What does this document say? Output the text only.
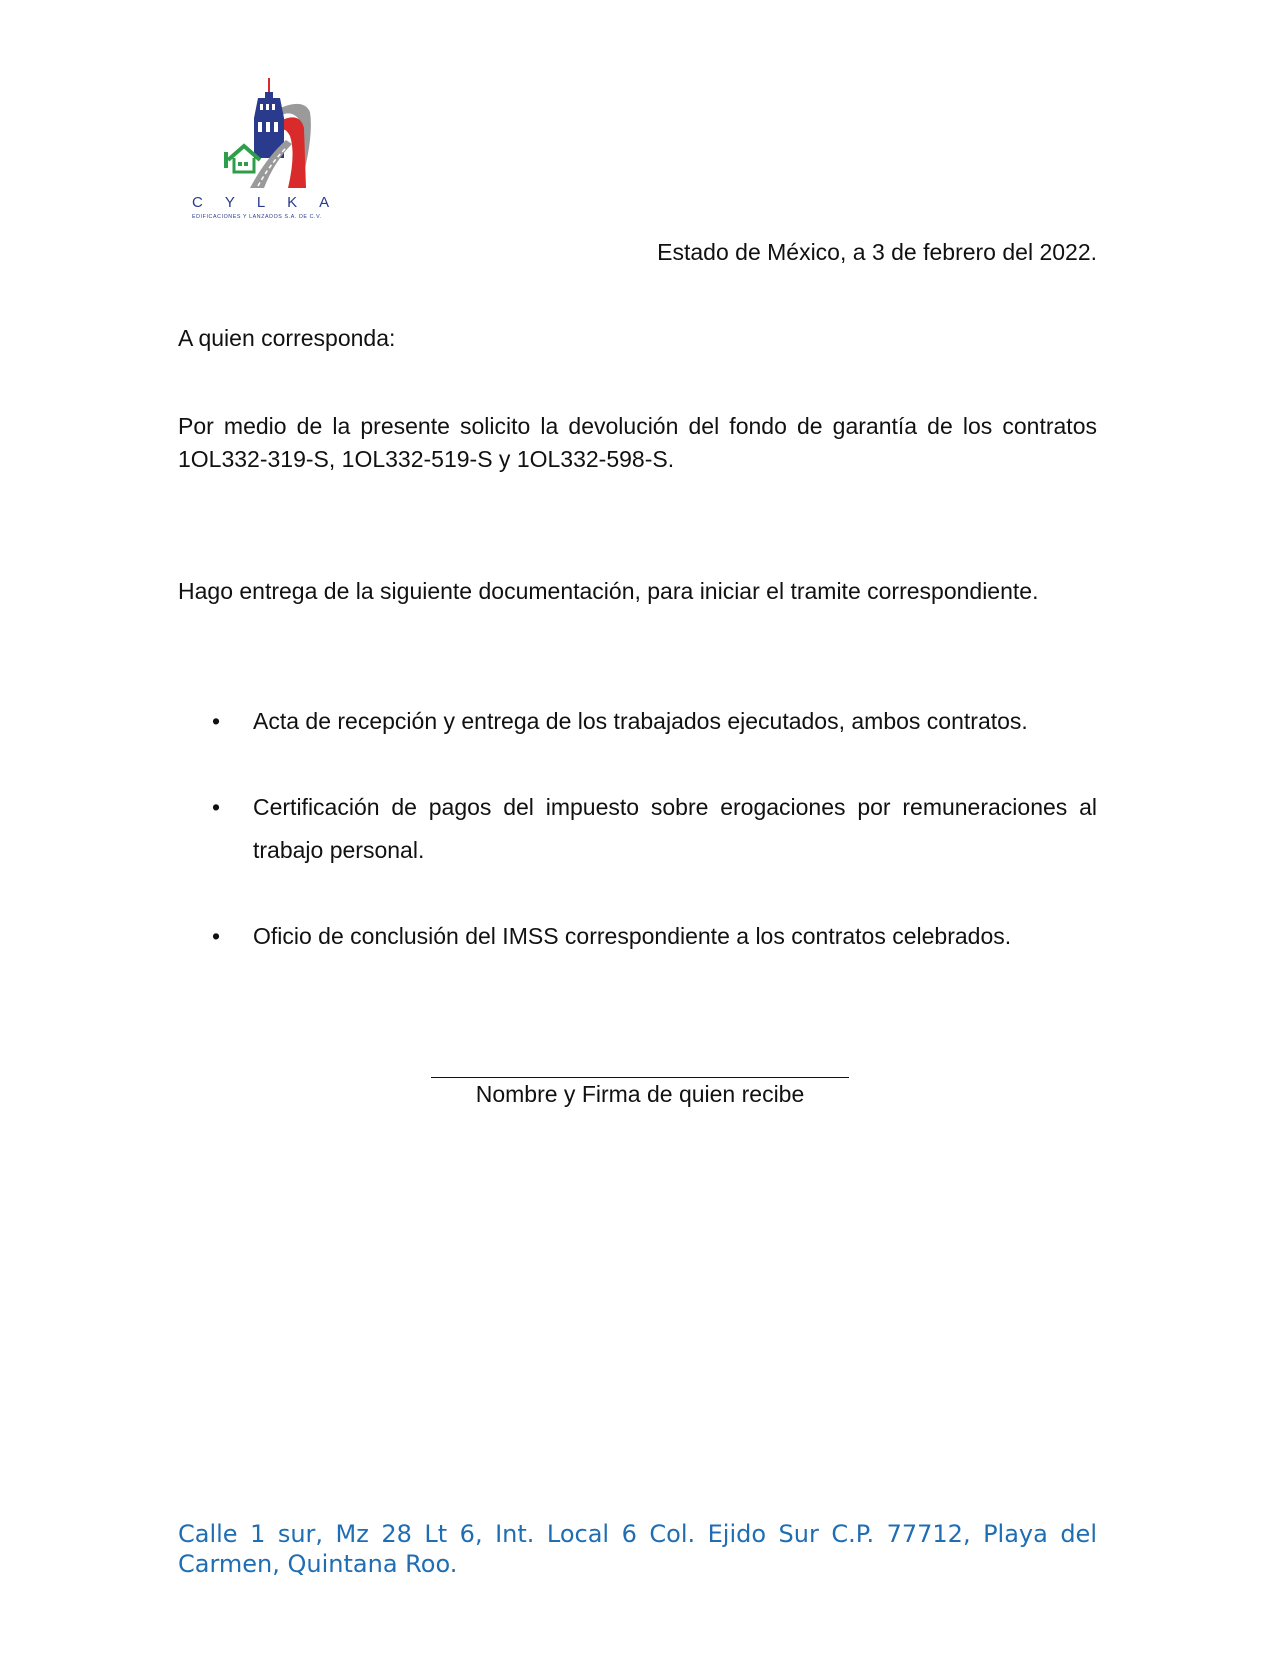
CYLKA
EDIFICACIONES Y LANZADOS S.A. DE C.V.
Estado de México, a 3 de febrero del 2022.
A quien corresponda:
Por medio de la presente solicito la devolución del fondo de garantía de los contratos 1OL332-319-S, 1OL332-519-S y 1OL332-598-S.
Hago entrega de la siguiente documentación, para iniciar el tramite correspondiente.
• Acta de recepción y entrega de los trabajados ejecutados, ambos contratos.
• Certificación de pagos del impuesto sobre erogaciones por remuneraciones al trabajo personal.
• Oficio de conclusión del IMSS correspondiente a los contratos celebrados.
Nombre y Firma de quien recibe
Calle 1 sur, Mz 28 Lt 6, Int. Local 6 Col. Ejido Sur C.P. 77712, Playa del Carmen, Quintana Roo.
